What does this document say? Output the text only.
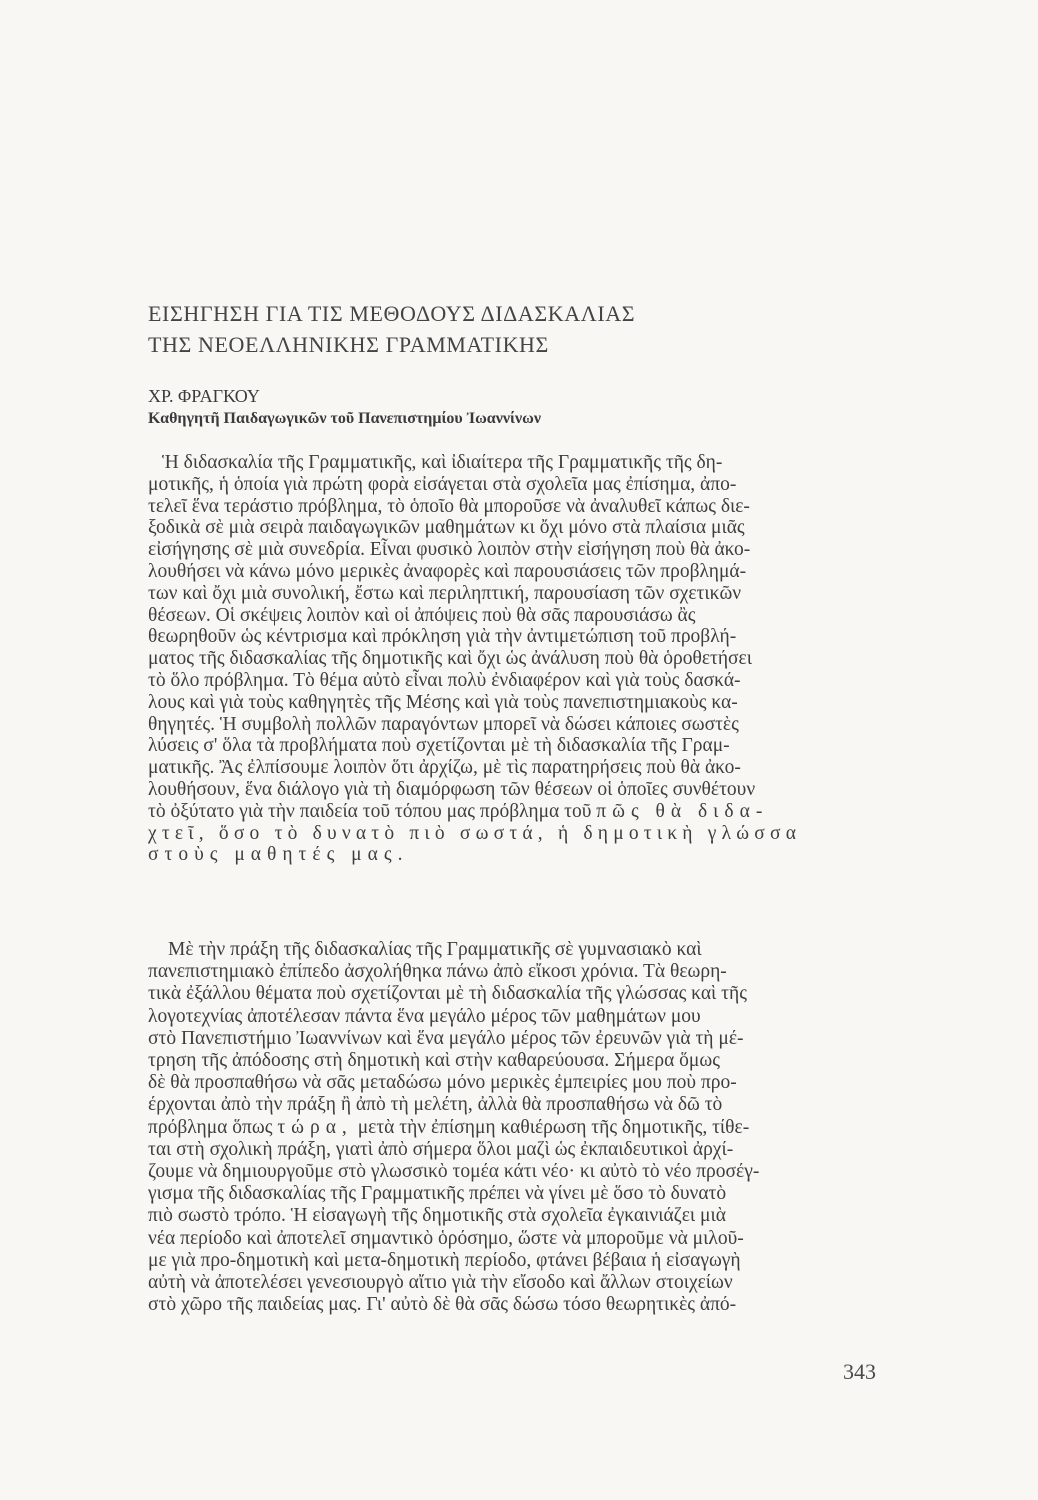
ΕΙΣΗΓΗΣΗ ΓΙΑ ΤΙΣ ΜΕΘΟΔΟΥΣ ΔΙΔΑΣΚΑΛΙΑΣ
ΤΗΣ ΝΕΟΕΛΛΗΝΙΚΗΣ ΓΡΑΜΜΑΤΙΚΗΣ
ΧΡ. ΦΡΑΓΚΟΥ
Καθηγητῆ Παιδαγωγικῶν τοῦ Πανεπιστημίου Ἰωαννίνων
Ἡ διδασκαλία τῆς Γραμματικῆς, καὶ ἰδιαίτερα τῆς Γραμματικῆς τῆς δη-
μοτικῆς, ἡ ὁποία γιὰ πρώτη φορὰ εἰσάγεται στὰ σχολεῖα μας ἐπίσημα, ἀπο-
τελεῖ ἕνα τεράστιο πρόβλημα, τὸ ὁποῖο θὰ μποροῦσε νὰ ἀναλυθεῖ κάπως διε-
ξοδικὰ σὲ μιὰ σειρὰ παιδαγωγικῶν μαθημάτων κι ὄχι μόνο στὰ πλαίσια μιᾶς
εἰσήγησης σὲ μιὰ συνεδρία. Εἶναι φυσικὸ λοιπὸν στὴν εἰσήγηση ποὺ θὰ ἀκο-
λουθήσει νὰ κάνω μόνο μερικὲς ἀναφορὲς καὶ παρουσιάσεις τῶν προβλημά-
των καὶ ὄχι μιὰ συνολική, ἔστω καὶ περιληπτική, παρουσίαση τῶν σχετικῶν
θέσεων. Οἱ σκέψεις λοιπὸν καὶ οἱ ἀπόψεις ποὺ θὰ σᾶς παρουσιάσω ἂς
θεωρηθοῦν ὡς κέντρισμα καὶ πρόκληση γιὰ τὴν ἀντιμετώπιση τοῦ προβλή-
ματος τῆς διδασκαλίας τῆς δημοτικῆς καὶ ὄχι ὡς ἀνάλυση ποὺ θὰ ὁροθετήσει
τὸ ὅλο πρόβλημα. Τὸ θέμα αὐτὸ εἶναι πολὺ ἐνδιαφέρον καὶ γιὰ τοὺς δασκά-
λους καὶ γιὰ τοὺς καθηγητὲς τῆς Μέσης καὶ γιὰ τοὺς πανεπιστημιακοὺς κα-
θηγητές. Ἡ συμβολὴ πολλῶν παραγόντων μπορεῖ νὰ δώσει κάποιες σωστὲς
λύσεις σ' ὅλα τὰ προβλήματα ποὺ σχετίζονται μὲ τὴ διδασκαλία τῆς Γραμ-
ματικῆς. Ἂς ἐλπίσουμε λοιπὸν ὅτι ἀρχίζω, μὲ τὶς παρατηρήσεις ποὺ θὰ ἀκο-
λουθήσουν, ἕνα διάλογο γιὰ τὴ διαμόρφωση τῶν θέσεων οἱ ὁποῖες συνθέτουν
τὸ ὀξύτατο γιὰ τὴν παιδεία τοῦ τόπου μας πρόβλημα τοῦ πῶς θὰ διδα-
χτεῖ, ὅσο τὸ δυνατὸ πιὸ σωστά, ἡ δημοτικὴ γλώσσα
στοὺς μαθητές μας.
Μὲ τὴν πράξη τῆς διδασκαλίας τῆς Γραμματικῆς σὲ γυμνασιακὸ καὶ
πανεπιστημιακὸ ἐπίπεδο ἀσχολήθηκα πάνω ἀπὸ εἴκοσι χρόνια. Τὰ θεωρη-
τικὰ ἐξάλλου θέματα ποὺ σχετίζονται μὲ τὴ διδασκαλία τῆς γλώσσας καὶ τῆς
λογοτεχνίας ἀποτέλεσαν πάντα ἕνα μεγάλο μέρος τῶν μαθημάτων μου
στὸ Πανεπιστήμιο Ἰωαννίνων καὶ ἕνα μεγάλο μέρος τῶν ἐρευνῶν γιὰ τὴ μέ-
τρηση τῆς ἀπόδοσης στὴ δημοτικὴ καὶ στὴν καθαρεύουσα. Σήμερα ὅμως
δὲ θὰ προσπαθήσω νὰ σᾶς μεταδώσω μόνο μερικὲς ἐμπειρίες μου ποὺ προ-
έρχονται ἀπὸ τὴν πράξη ἢ ἀπὸ τὴ μελέτη, ἀλλὰ θὰ προσπαθήσω νὰ δῶ τὸ
πρόβλημα ὅπως τώρα, μετὰ τὴν ἐπίσημη καθιέρωση τῆς δημοτικῆς, τίθε-
ται στὴ σχολικὴ πράξη, γιατὶ ἀπὸ σήμερα ὅλοι μαζὶ ὡς ἐκπαιδευτικοὶ ἀρχί-
ζουμε νὰ δημιουργοῦμε στὸ γλωσσικὸ τομέα κάτι νέο· κι αὐτὸ τὸ νέο προσέγ-
γισμα τῆς διδασκαλίας τῆς Γραμματικῆς πρέπει νὰ γίνει μὲ ὅσο τὸ δυνατὸ
πιὸ σωστὸ τρόπο. Ἡ εἰσαγωγὴ τῆς δημοτικῆς στὰ σχολεῖα ἐγκαινιάζει μιὰ
νέα περίοδο καὶ ἀποτελεῖ σημαντικὸ ὁρόσημο, ὥστε νὰ μποροῦμε νὰ μιλοῦ-
με γιὰ προ-δημοτικὴ καὶ μετα-δημοτικὴ περίοδο, φτάνει βέβαια ἡ εἰσαγωγὴ
αὐτὴ νὰ ἀποτελέσει γενεσιουργὸ αἴτιο γιὰ τὴν εἴσοδο καὶ ἄλλων στοιχείων
στὸ χῶρο τῆς παιδείας μας. Γι' αὐτὸ δὲ θὰ σᾶς δώσω τόσο θεωρητικὲς ἀπό-
343
